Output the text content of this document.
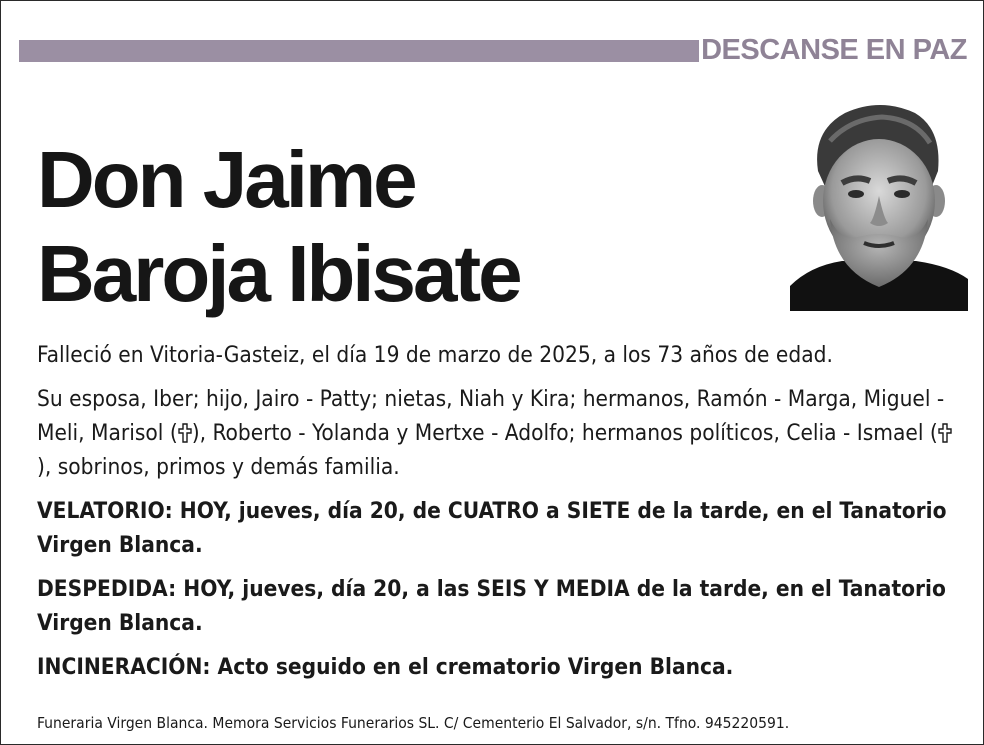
DESCANSE EN PAZ
Don Jaime
Baroja Ibisate

Falleció en Vitoria-Gasteiz, el día 19 de marzo de 2025, a los 73 años de edad.

Su esposa, Iber; hijo, Jairo - Patty; nietas, Niah y Kira; hermanos, Ramón - Marga, Miguel - Meli, Marisol ( ), Roberto - Yolanda y Mertxe - Adolfo; hermanos políticos, Celia - Ismael (), sobrinos, primos y demás familia.

VELATORIO: HOY, jueves, día 20, de CUATRO a SIETE de la tarde, en el Tanatorio Virgen Blanca.

DESPEDIDA: HOY, jueves, día 20, a las SEIS Y MEDIA de la tarde, en el Tanatorio Virgen Blanca.

INCINERACIÓN: Acto seguido en el crematorio Virgen Blanca.

Funeraria Virgen Blanca. Memora Servicios Funerarios SL. C/ Cementerio El Salvador, s/n. Tfno. 945220591.
